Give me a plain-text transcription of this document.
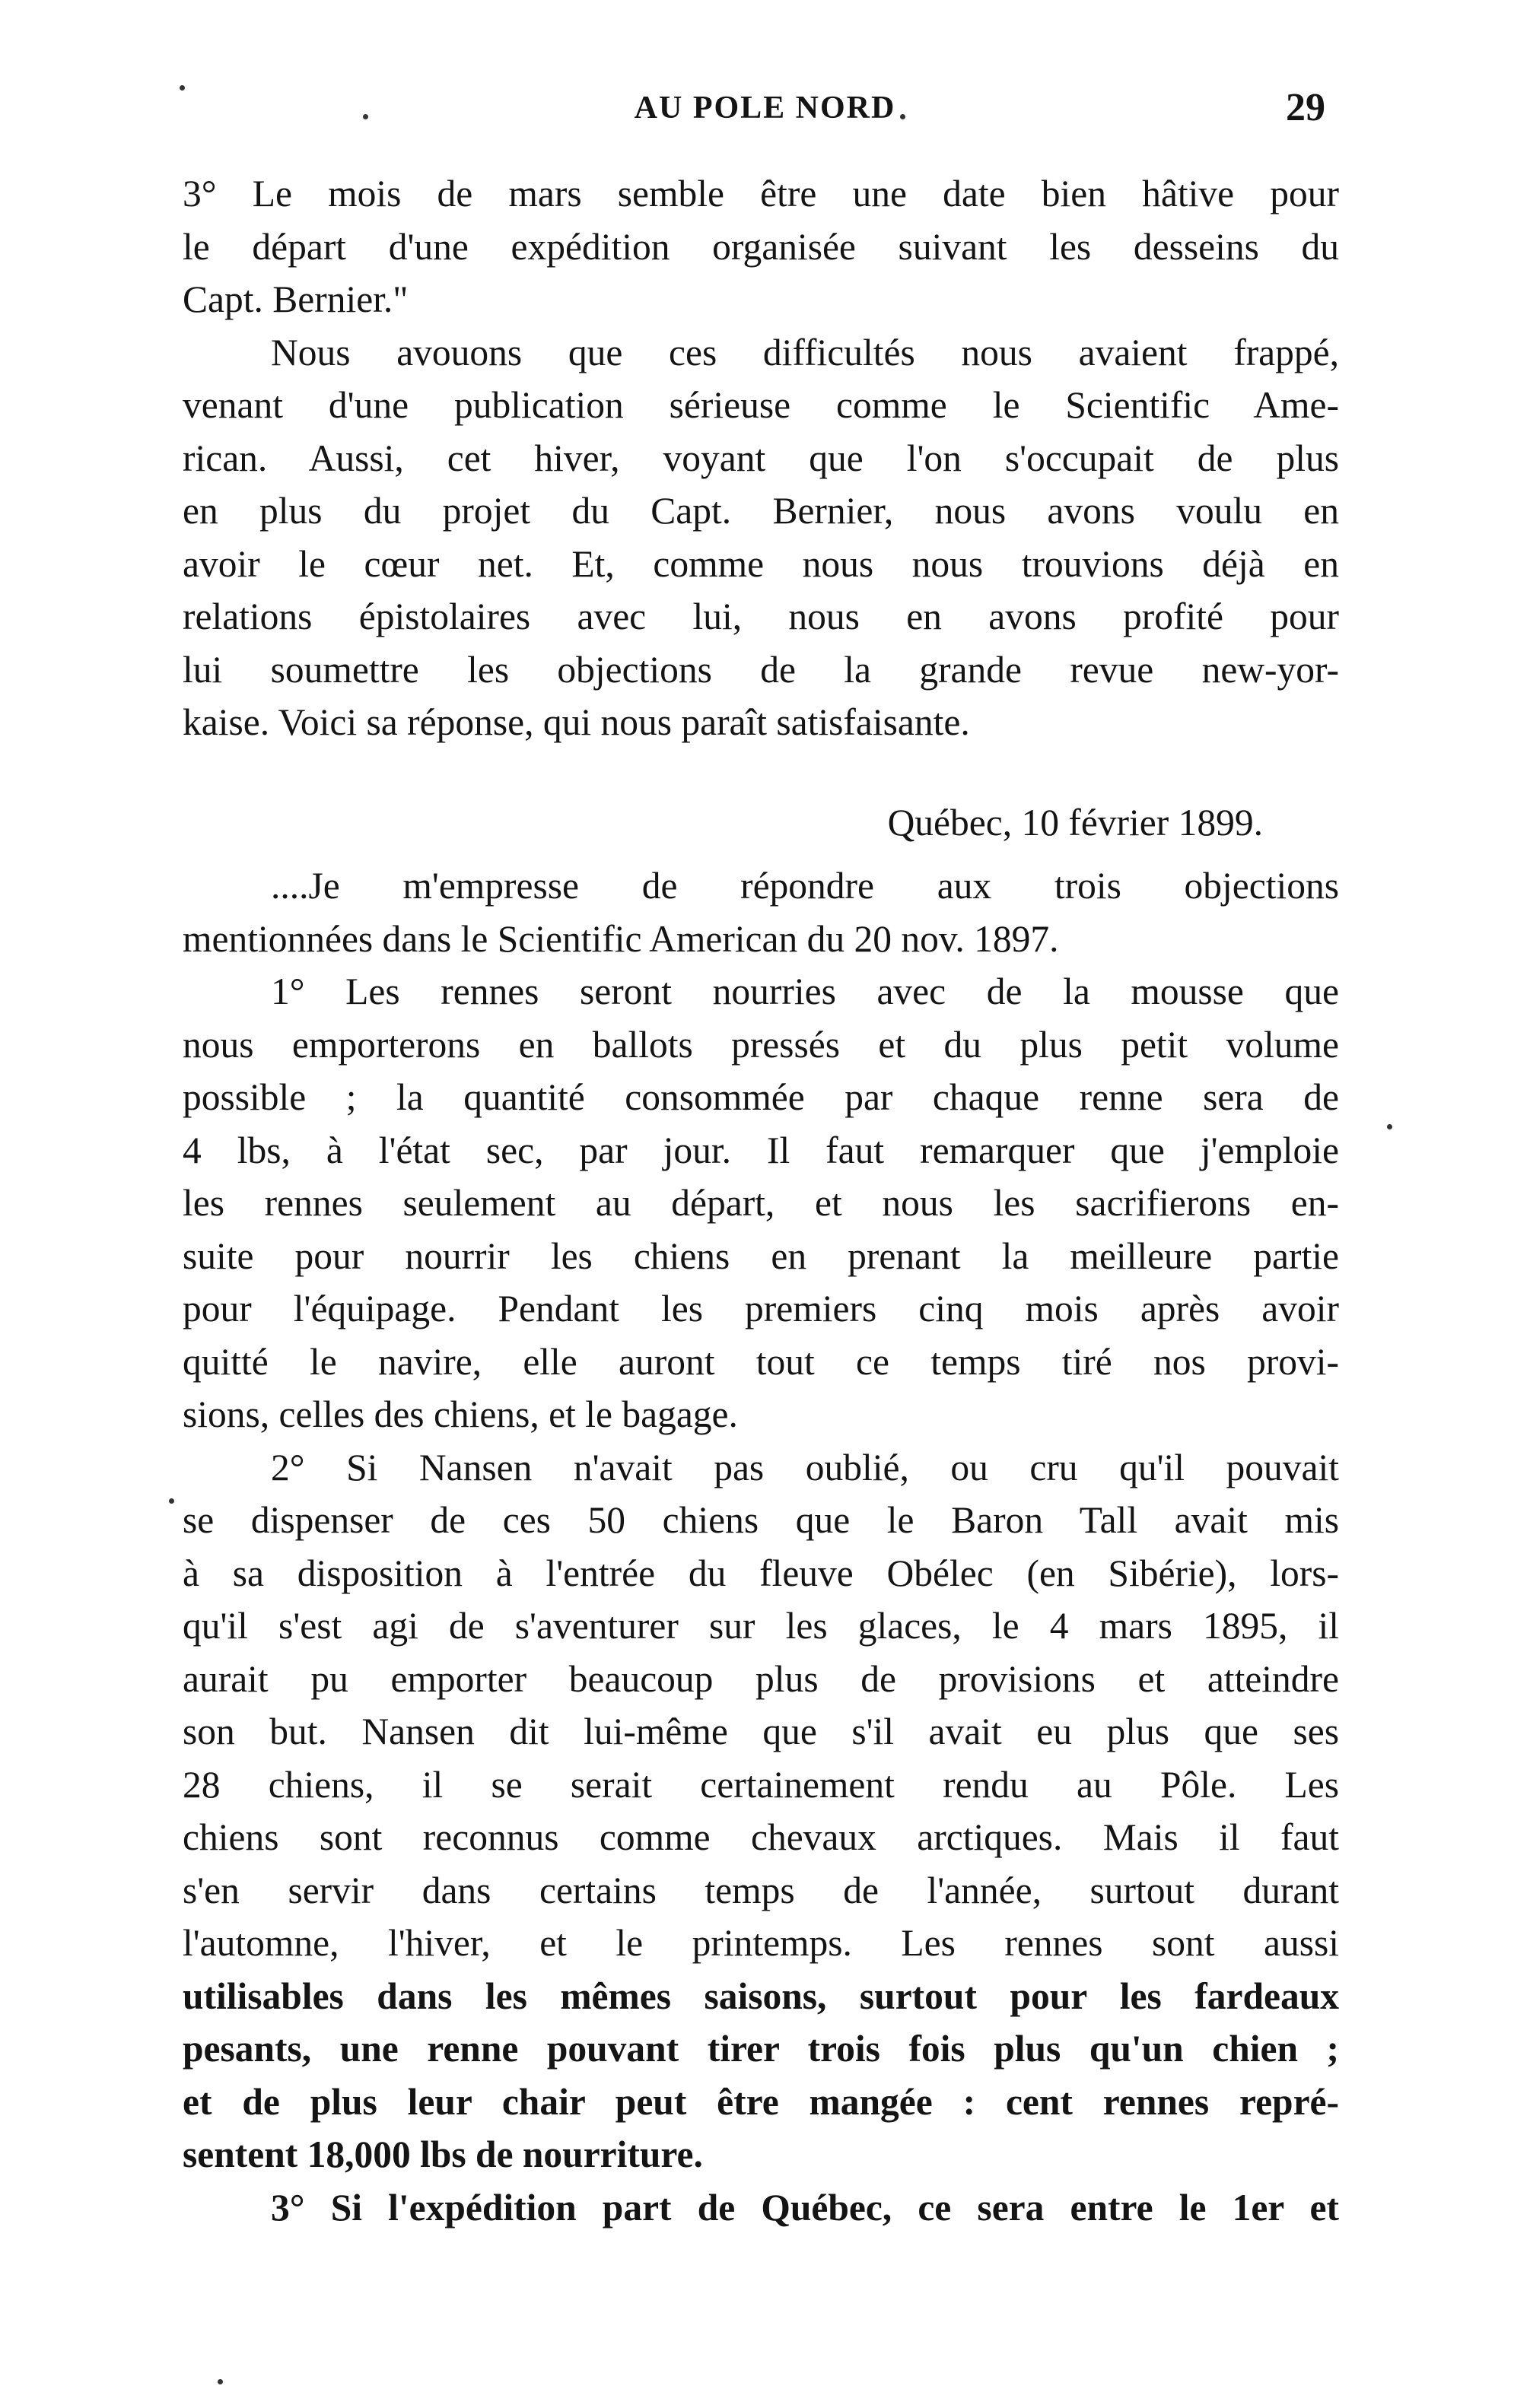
AU POLE NORD	29
3° Le mois de mars semble être une date bien hâtive pour
le départ d'une expédition organisée suivant les desseins du
Capt. Bernier."
Nous avouons que ces difficultés nous avaient frappé,
venant d'une publication sérieuse comme le Scientific Ame-
rican. Aussi, cet hiver, voyant que l'on s'occupait de plus
en plus du projet du Capt. Bernier, nous avons voulu en
avoir le cœur net. Et, comme nous nous trouvions déjà en
relations épistolaires avec lui, nous en avons profité pour
lui soumettre les objections de la grande revue new-yor-
kaise. Voici sa réponse, qui nous paraît satisfaisante.
Québec, 10 février 1899.
....Je m'empresse de répondre aux trois objections
mentionnées dans le Scientific American du 20 nov. 1897.
1° Les rennes seront nourries avec de la mousse que
nous emporterons en ballots pressés et du plus petit volume
possible ; la quantité consommée par chaque renne sera de
4 lbs, à l'état sec, par jour. Il faut remarquer que j'emploie
les rennes seulement au départ, et nous les sacrifierons en-
suite pour nourrir les chiens en prenant la meilleure partie
pour l'équipage. Pendant les premiers cinq mois après avoir
quitté le navire, elle auront tout ce temps tiré nos provi-
sions, celles des chiens, et le bagage.
2° Si Nansen n'avait pas oublié, ou cru qu'il pouvait
se dispenser de ces 50 chiens que le Baron Tall avait mis
à sa disposition à l'entrée du fleuve Obélec (en Sibérie), lors-
qu'il s'est agi de s'aventurer sur les glaces, le 4 mars 1895, il
aurait pu emporter beaucoup plus de provisions et atteindre
son but. Nansen dit lui-même que s'il avait eu plus que ses
28 chiens, il se serait certainement rendu au Pôle. Les
chiens sont reconnus comme chevaux arctiques. Mais il faut
s'en servir dans certains temps de l'année, surtout durant
l'automne, l'hiver, et le printemps. Les rennes sont aussi
utilisables dans les mêmes saisons, surtout pour les fardeaux
pesants, une renne pouvant tirer trois fois plus qu'un chien ;
et de plus leur chair peut être mangée : cent rennes repré-
sentent 18,000 lbs de nourriture.
3° Si l'expédition part de Québec, ce sera entre le 1er et
